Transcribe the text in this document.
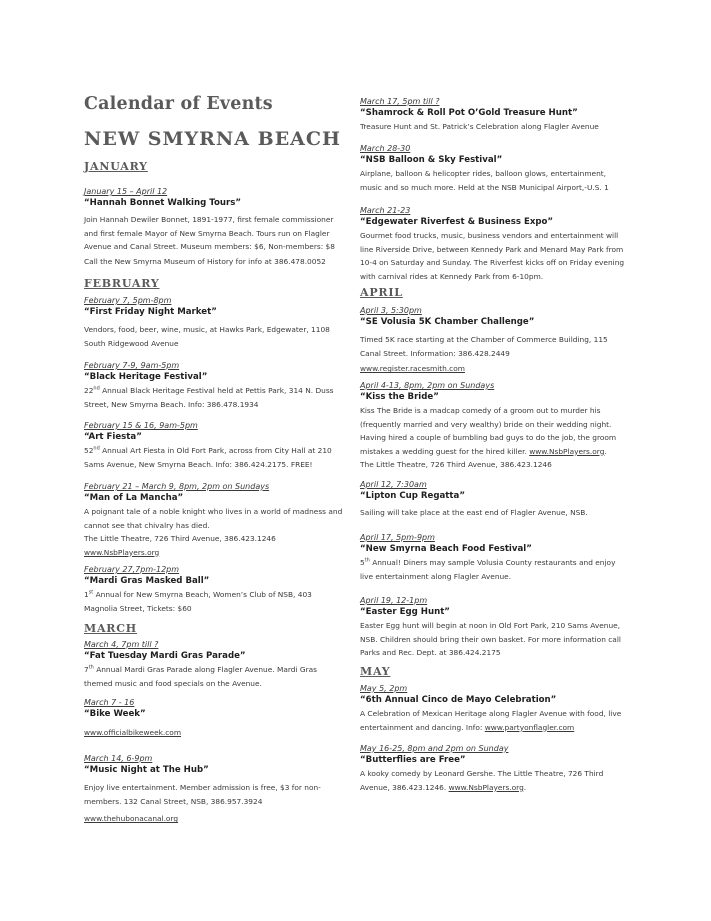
Calendar of Events
NEW SMYRNA BEACH

JANUARY

January 15 – April 12
“Hannah Bonnet Walking Tours”
Join Hannah Dewiler Bonnet, 1891-1977, first female commissioner and first female Mayor of New Smyrna Beach. Tours run on Flagler Avenue and Canal Street. Museum members: $6, Non-members: $8
Call the New Smyrna Museum of History for info at 386.478.0052

FEBRUARY

February 7, 5pm-8pm
“First Friday Night Market”
Vendors, food, beer, wine, music, at Hawks Park, Edgewater, 1108 South Ridgewood Avenue
February 7-9, 9am-5pm
“Black Heritage Festival”
22nd Annual Black Heritage Festival held at Pettis Park, 314 N. Duss Street, New Smyrna Beach. Info: 386.478.1934
February 15 & 16, 9am-5pm
“Art Fiesta”
52nd Annual Art Fiesta in Old Fort Park, across from City Hall at 210 Sams Avenue, New Smyrna Beach. Info: 386.424.2175. FREE!
February 21 – March 9, 8pm, 2pm on Sundays
“Man of La Mancha”
A poignant tale of a noble knight who lives in a world of madness and cannot see that chivalry has died.
The Little Theatre, 726 Third Avenue, 386.423.1246
www.NsbPlayers.org
February 27,7pm-12pm
“Mardi Gras Masked Ball”
1st Annual for New Smyrna Beach, Women’s Club of NSB, 403 Magnolia Street, Tickets: $60

MARCH

March 4, 7pm till ?
“Fat Tuesday Mardi Gras Parade”
7th Annual Mardi Gras Parade along Flagler Avenue. Mardi Gras themed music and food specials on the Avenue.
March 7 - 16
“Bike Week”
www.officialbikeweek.com
March 14, 6-9pm
“Music Night at The Hub”
Enjoy live entertainment. Member admission is free, $3 for non-members. 132 Canal Street, NSB, 386.957.3924
www.thehubonacanal.org
March 17, 5pm till ?
“Shamrock & Roll Pot O’Gold Treasure Hunt”
Treasure Hunt and St. Patrick’s Celebration along Flagler Avenue
March 28-30
“NSB Balloon & Sky Festival”
Airplane, balloon & helicopter rides, balloon glows, entertainment, music and so much more. Held at the NSB Municipal Airport,-U.S. 1
March 21-23
“Edgewater Riverfest & Business Expo”
Gourmet food trucks, music, business vendors and entertainment will line Riverside Drive, between Kennedy Park and Menard May Park from 10-4 on Saturday and Sunday. The Riverfest kicks off on Friday evening with carnival rides at Kennedy Park from 6-10pm.

APRIL

April 3, 5:30pm
“SE Volusia 5K Chamber Challenge”
Timed 5K race starting at the Chamber of Commerce Building, 115 Canal Street. Information: 386.428.2449
www.register.racesmith.com
April 4-13, 8pm, 2pm on Sundays
“Kiss the Bride”
Kiss The Bride is a madcap comedy of a groom out to murder his (frequently married and very wealthy) bride on their wedding night. Having hired a couple of bumbling bad guys to do the job, the groom mistakes a wedding guest for the hired killer. www.NsbPlayers.org.
The Little Theatre, 726 Third Avenue, 386.423.1246
April 12, 7:30am
“Lipton Cup Regatta”
Sailing will take place at the east end of Flagler Avenue, NSB.
April 17, 5pm-9pm
“New Smyrna Beach Food Festival”
5th Annual! Diners may sample Volusia County restaurants and enjoy live entertainment along Flagler Avenue.
April 19, 12-1pm
“Easter Egg Hunt”
Easter Egg hunt will begin at noon in Old Fort Park, 210 Sams Avenue, NSB. Children should bring their own basket. For more information call Parks and Rec. Dept. at 386.424.2175

MAY

May 5, 2pm
“6th Annual Cinco de Mayo Celebration”
A Celebration of Mexican Heritage along Flagler Avenue with food, live entertainment and dancing. Info: www.partyonflagler.com
May 16-25, 8pm and 2pm on Sunday
“Butterflies are Free”
A kooky comedy by Leonard Gershe. The Little Theatre, 726 Third Avenue, 386.423.1246. www.NsbPlayers.org.
